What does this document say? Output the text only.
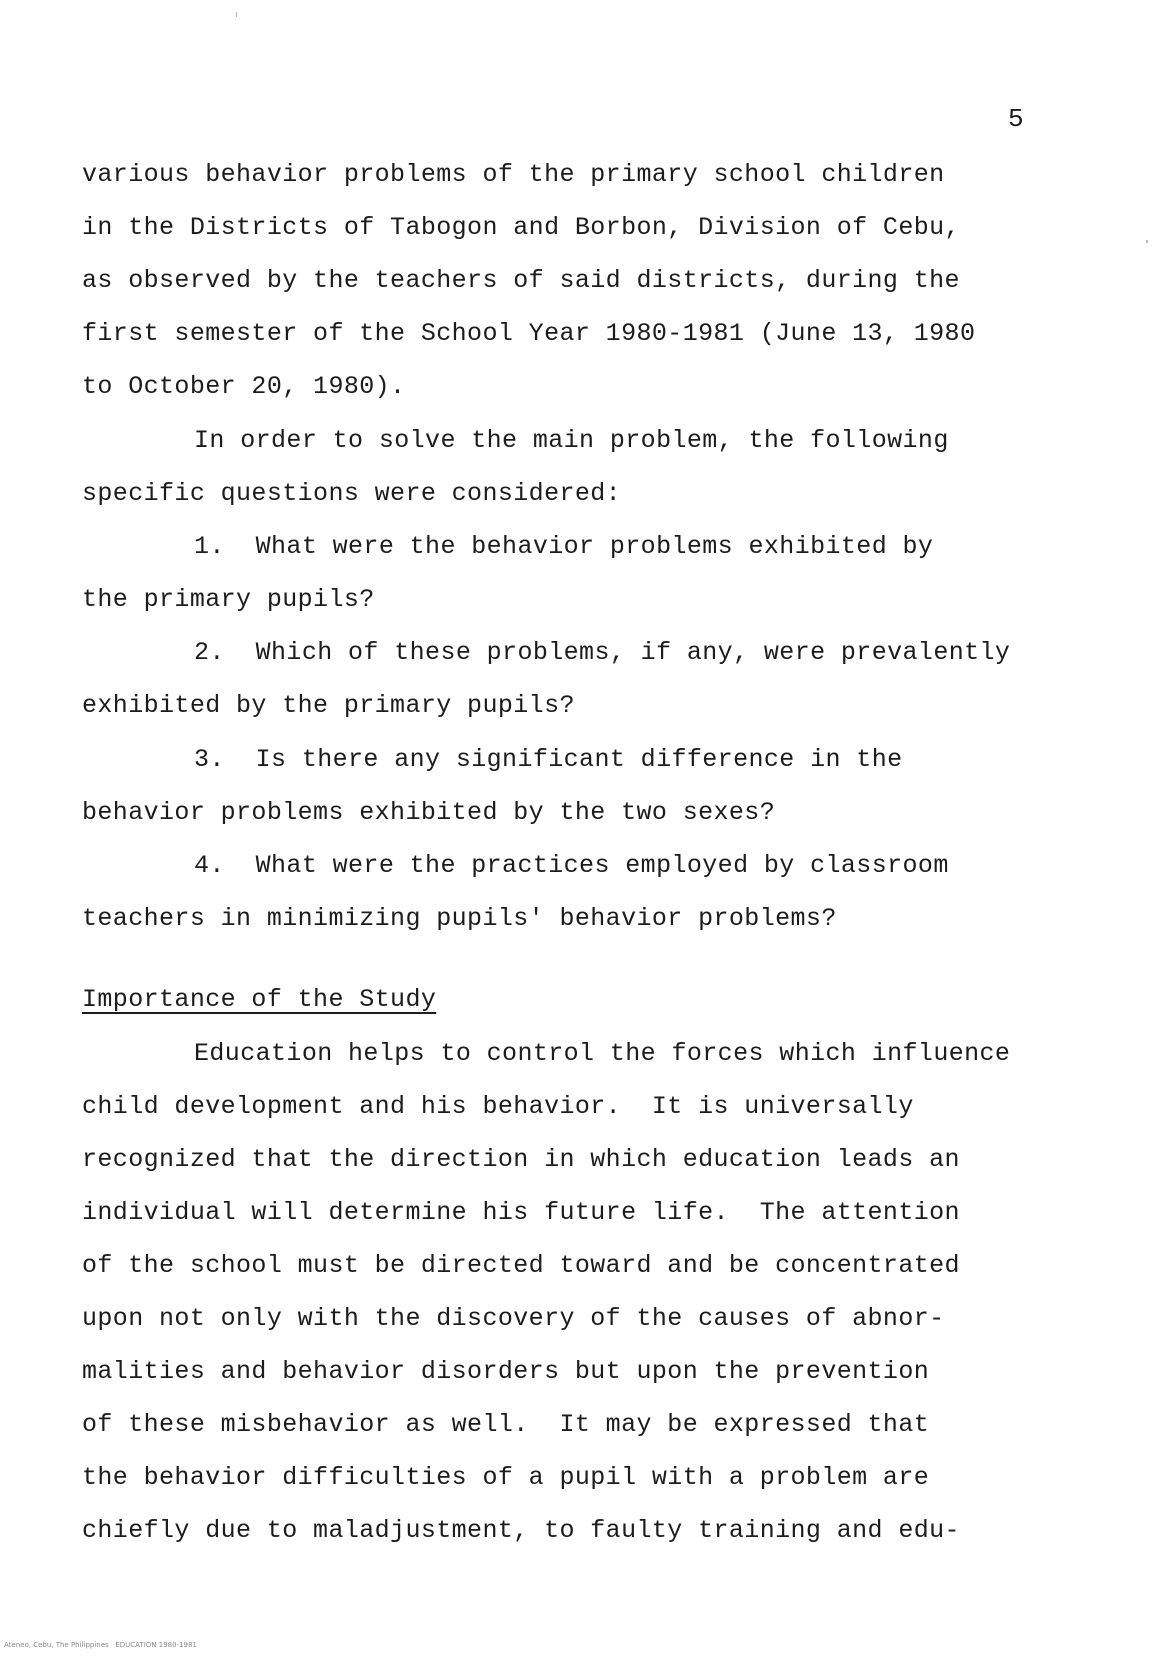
5
various behavior problems of the primary school children
in the Districts of Tabogon and Borbon, Division of Cebu,
as observed by the teachers of said districts, during the
first semester of the School Year 1980-1981 (June 13, 1980
to October 20, 1980).
In order to solve the main problem, the following
specific questions were considered:
1.  What were the behavior problems exhibited by
the primary pupils?
2.  Which of these problems, if any, were prevalently
exhibited by the primary pupils?
3.  Is there any significant difference in the
behavior problems exhibited by the two sexes?
4.  What were the practices employed by classroom
teachers in minimizing pupils' behavior problems?
Importance of the Study
Education helps to control the forces which influence
child development and his behavior.  It is universally
recognized that the direction in which education leads an
individual will determine his future life.  The attention
of the school must be directed toward and be concentrated
upon not only with the discovery of the causes of abnor-
malities and behavior disorders but upon the prevention
of these misbehavior as well.  It may be expressed that
the behavior difficulties of a pupil with a problem are
chiefly due to maladjustment, to faulty training and edu-
Ateneo, Cebu, The Philippines   EDUCATION 1980-1981
